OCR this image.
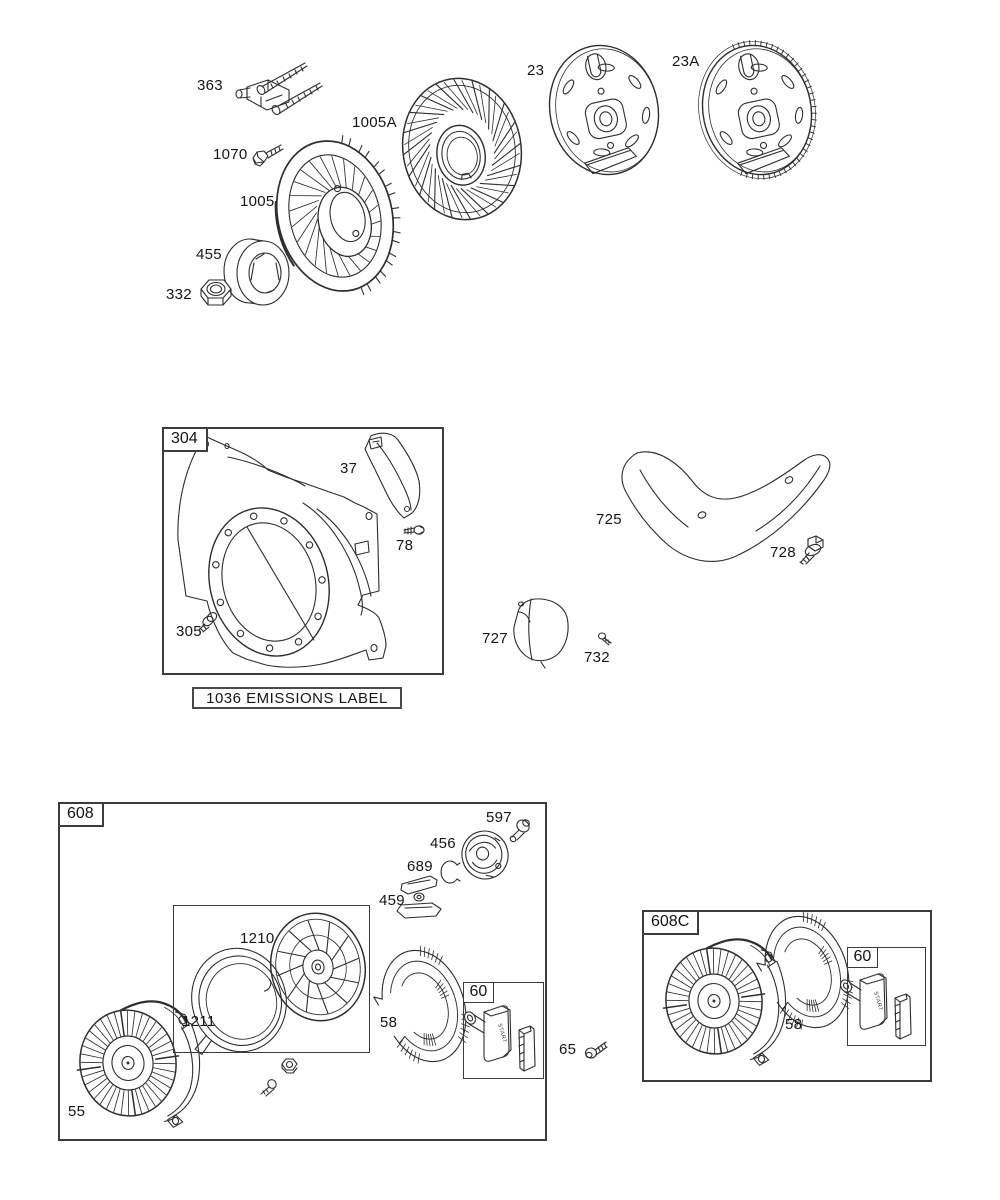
START
304
1036 EMISSIONS LABEL
608
60
608C
60
363
1070
1005A
1005
455
332
23
23A
37
78
305
725
728
727
732
597
456
689
459
1210
1211	58
55
65
58
